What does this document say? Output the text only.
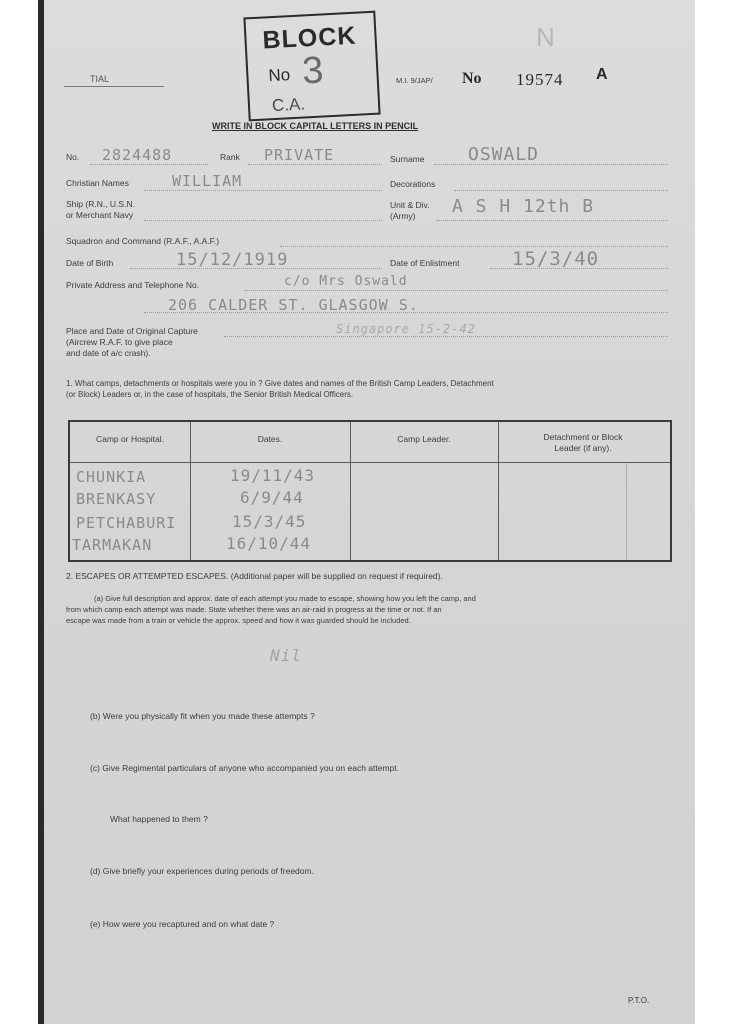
TIAL
BLOCK
No 3
C.A.
M.I. 9/JAP/ No 19574 A
N
WRITE IN BLOCK CAPITAL LETTERS IN PENCIL
No. 2824488	Rank PRIVATE	Surname OSWALD
Christian Names	WILLIAM	Decorations
Ship (R.N., U.S.N.
or Merchant Navy
Unit & Div.
(Army) A S H 12th B
Squadron and Command (R.A.F., A.A.F.)
Date of Birth	15/12/1919	Date of Enlistment	15/3/40
Private Address and Telephone No.	c/o Mrs Oswald
206 CALDER ST. GLASGOW S.
Place and Date of Original Capture
(Aircrew R.A.F. to give place
and date of a/c crash).
Singapore 15-2-42
1. What camps, detachments or hospitals were you in ? Give dates and names of the British Camp Leaders, Detachment
(or Block) Leaders or, in the case of hospitals, the Senior British Medical Officers.
Camp or Hospital.	Dates.	Camp Leader.	Detachment or Block
Leader (if any).
CHUNKIA	19/11/43
BRENKASY	6/9/44
PETCHABURI	15/3/45
TARMAKAN	16/10/44
2. ESCAPES OR ATTEMPTED ESCAPES. (Additional paper will be supplied on request if required).
(a) Give full description and approx. date of each attempt you made to escape, showing how you left the camp, and
from which camp each attempt was made. State whether there was an air-raid in progress at the time or not. If an
escape was made from a train or vehicle the approx. speed and how it was guarded should be included.
Nil
(b) Were you physically fit when you made these attempts ?
(c) Give Regimental particulars of anyone who accompanied you on each attempt.
What happened to them ?
(d) Give briefly your experiences during periods of freedom.
(e) How were you recaptured and on what date ?
P.T.O.
